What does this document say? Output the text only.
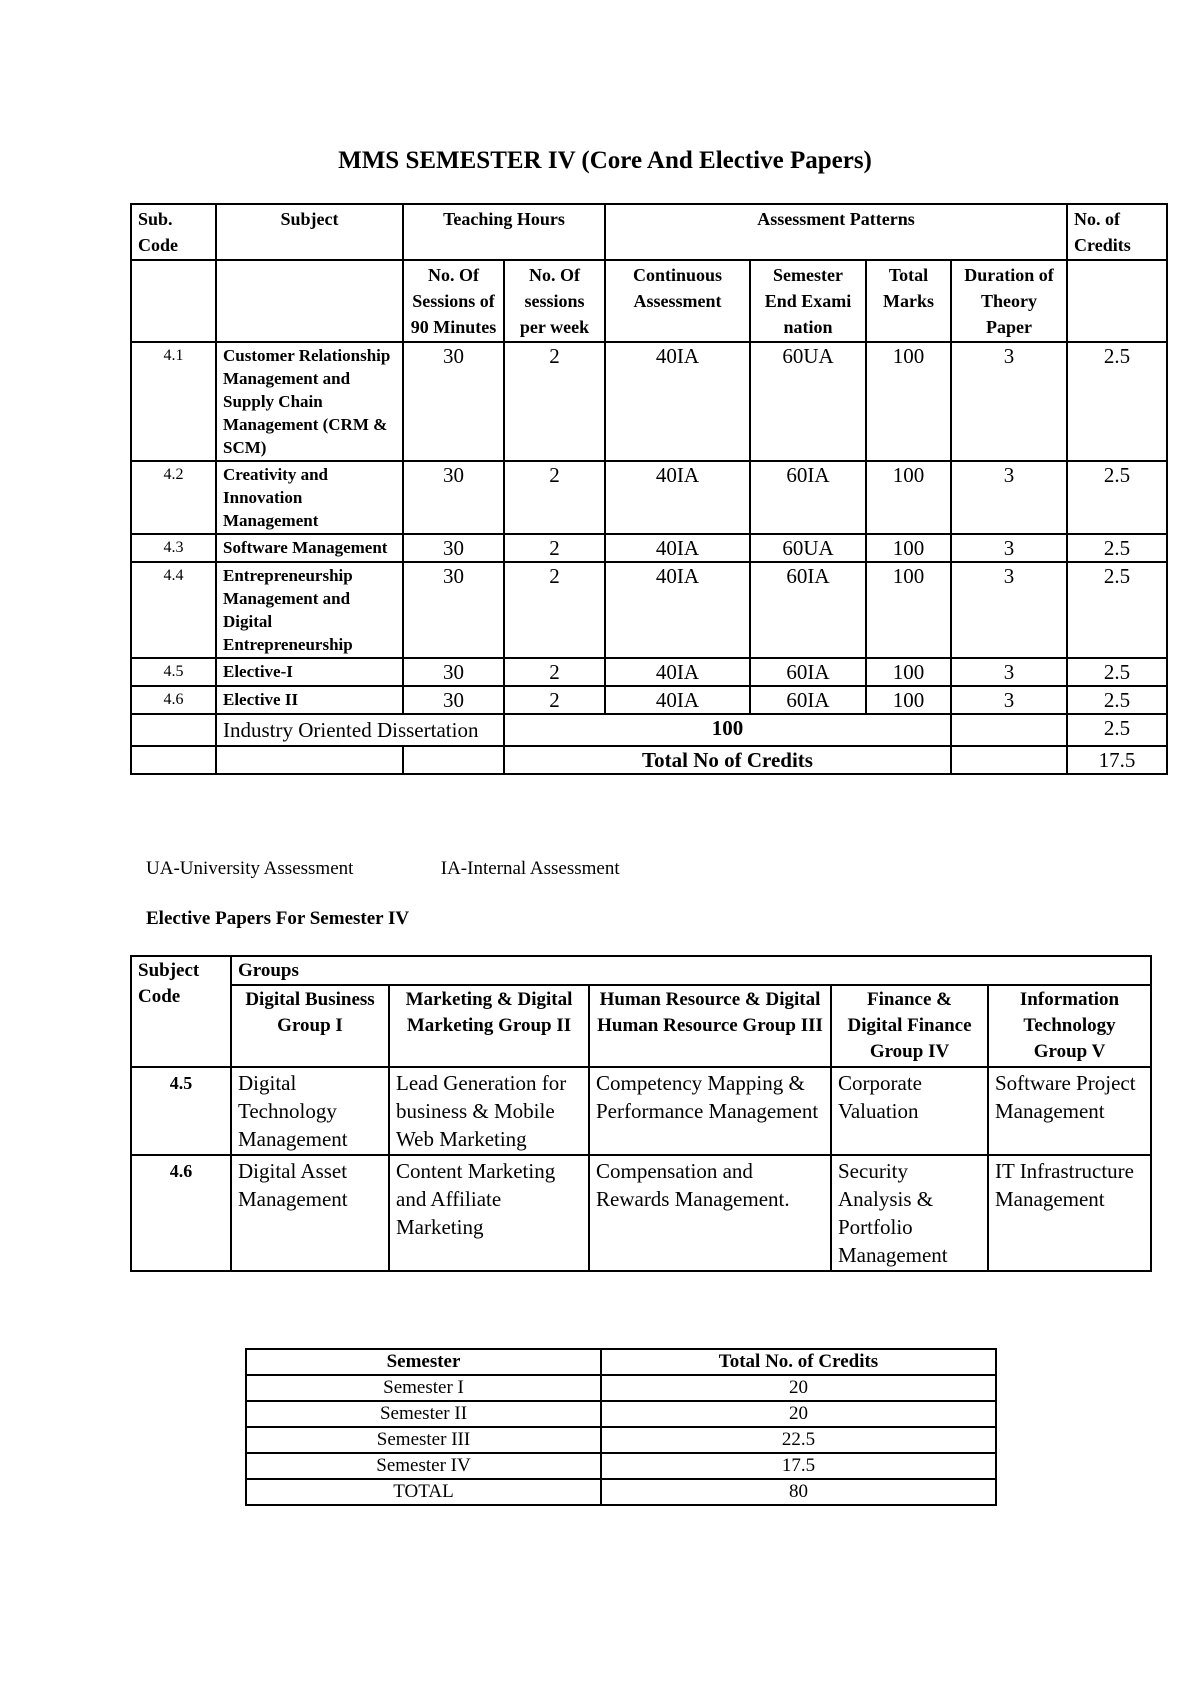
MMS SEMESTER IV (Core And Elective Papers)
Sub. Code	Subject	Teaching Hours		Assessment Patterns				No. of Credits
		No. Of Sessions of 90 Minutes	No. Of sessions per week	Continuous Assessment	Semester End Exami nation	Total Marks	Duration of Theory Paper	
4.1	Customer Relationship Management and Supply Chain Management (CRM & SCM)	30	2	40IA	60UA	100	3	2.5
4.2	Creativity and Innovation Management	30	2	40IA	60IA	100	3	2.5
4.3	Software Management	30	2	40IA	60UA	100	3	2.5
4.4	Entrepreneurship Management and Digital Entrepreneurship	30	2	40IA	60IA	100	3	2.5
4.5	Elective-I	30	2	40IA	60IA	100	3	2.5
4.6	Elective II	30	2	40IA	60IA	100	3	2.5
	Industry Oriented Dissertation		100					2.5
			Total No of Credits					17.5
UA-University Assessment	IA-Internal Assessment
Elective Papers For Semester IV
Subject Code	Groups				
	Digital Business Group I	Marketing & Digital Marketing Group II	Human Resource & Digital Human Resource Group III	Finance & Digital Finance Group IV	Information Technology Group V
4.5	Digital Technology Management	Lead Generation for business & Mobile Web Marketing	Competency Mapping & Performance Management	Corporate Valuation	Software Project Management
4.6	Digital Asset Management	Content Marketing and Affiliate Marketing	Compensation and Rewards Management.	Security Analysis & Portfolio Management	IT Infrastructure Management
Semester	Total No. of Credits
Semester I	20
Semester II	20
Semester III	22.5
Semester IV	17.5
TOTAL	80
